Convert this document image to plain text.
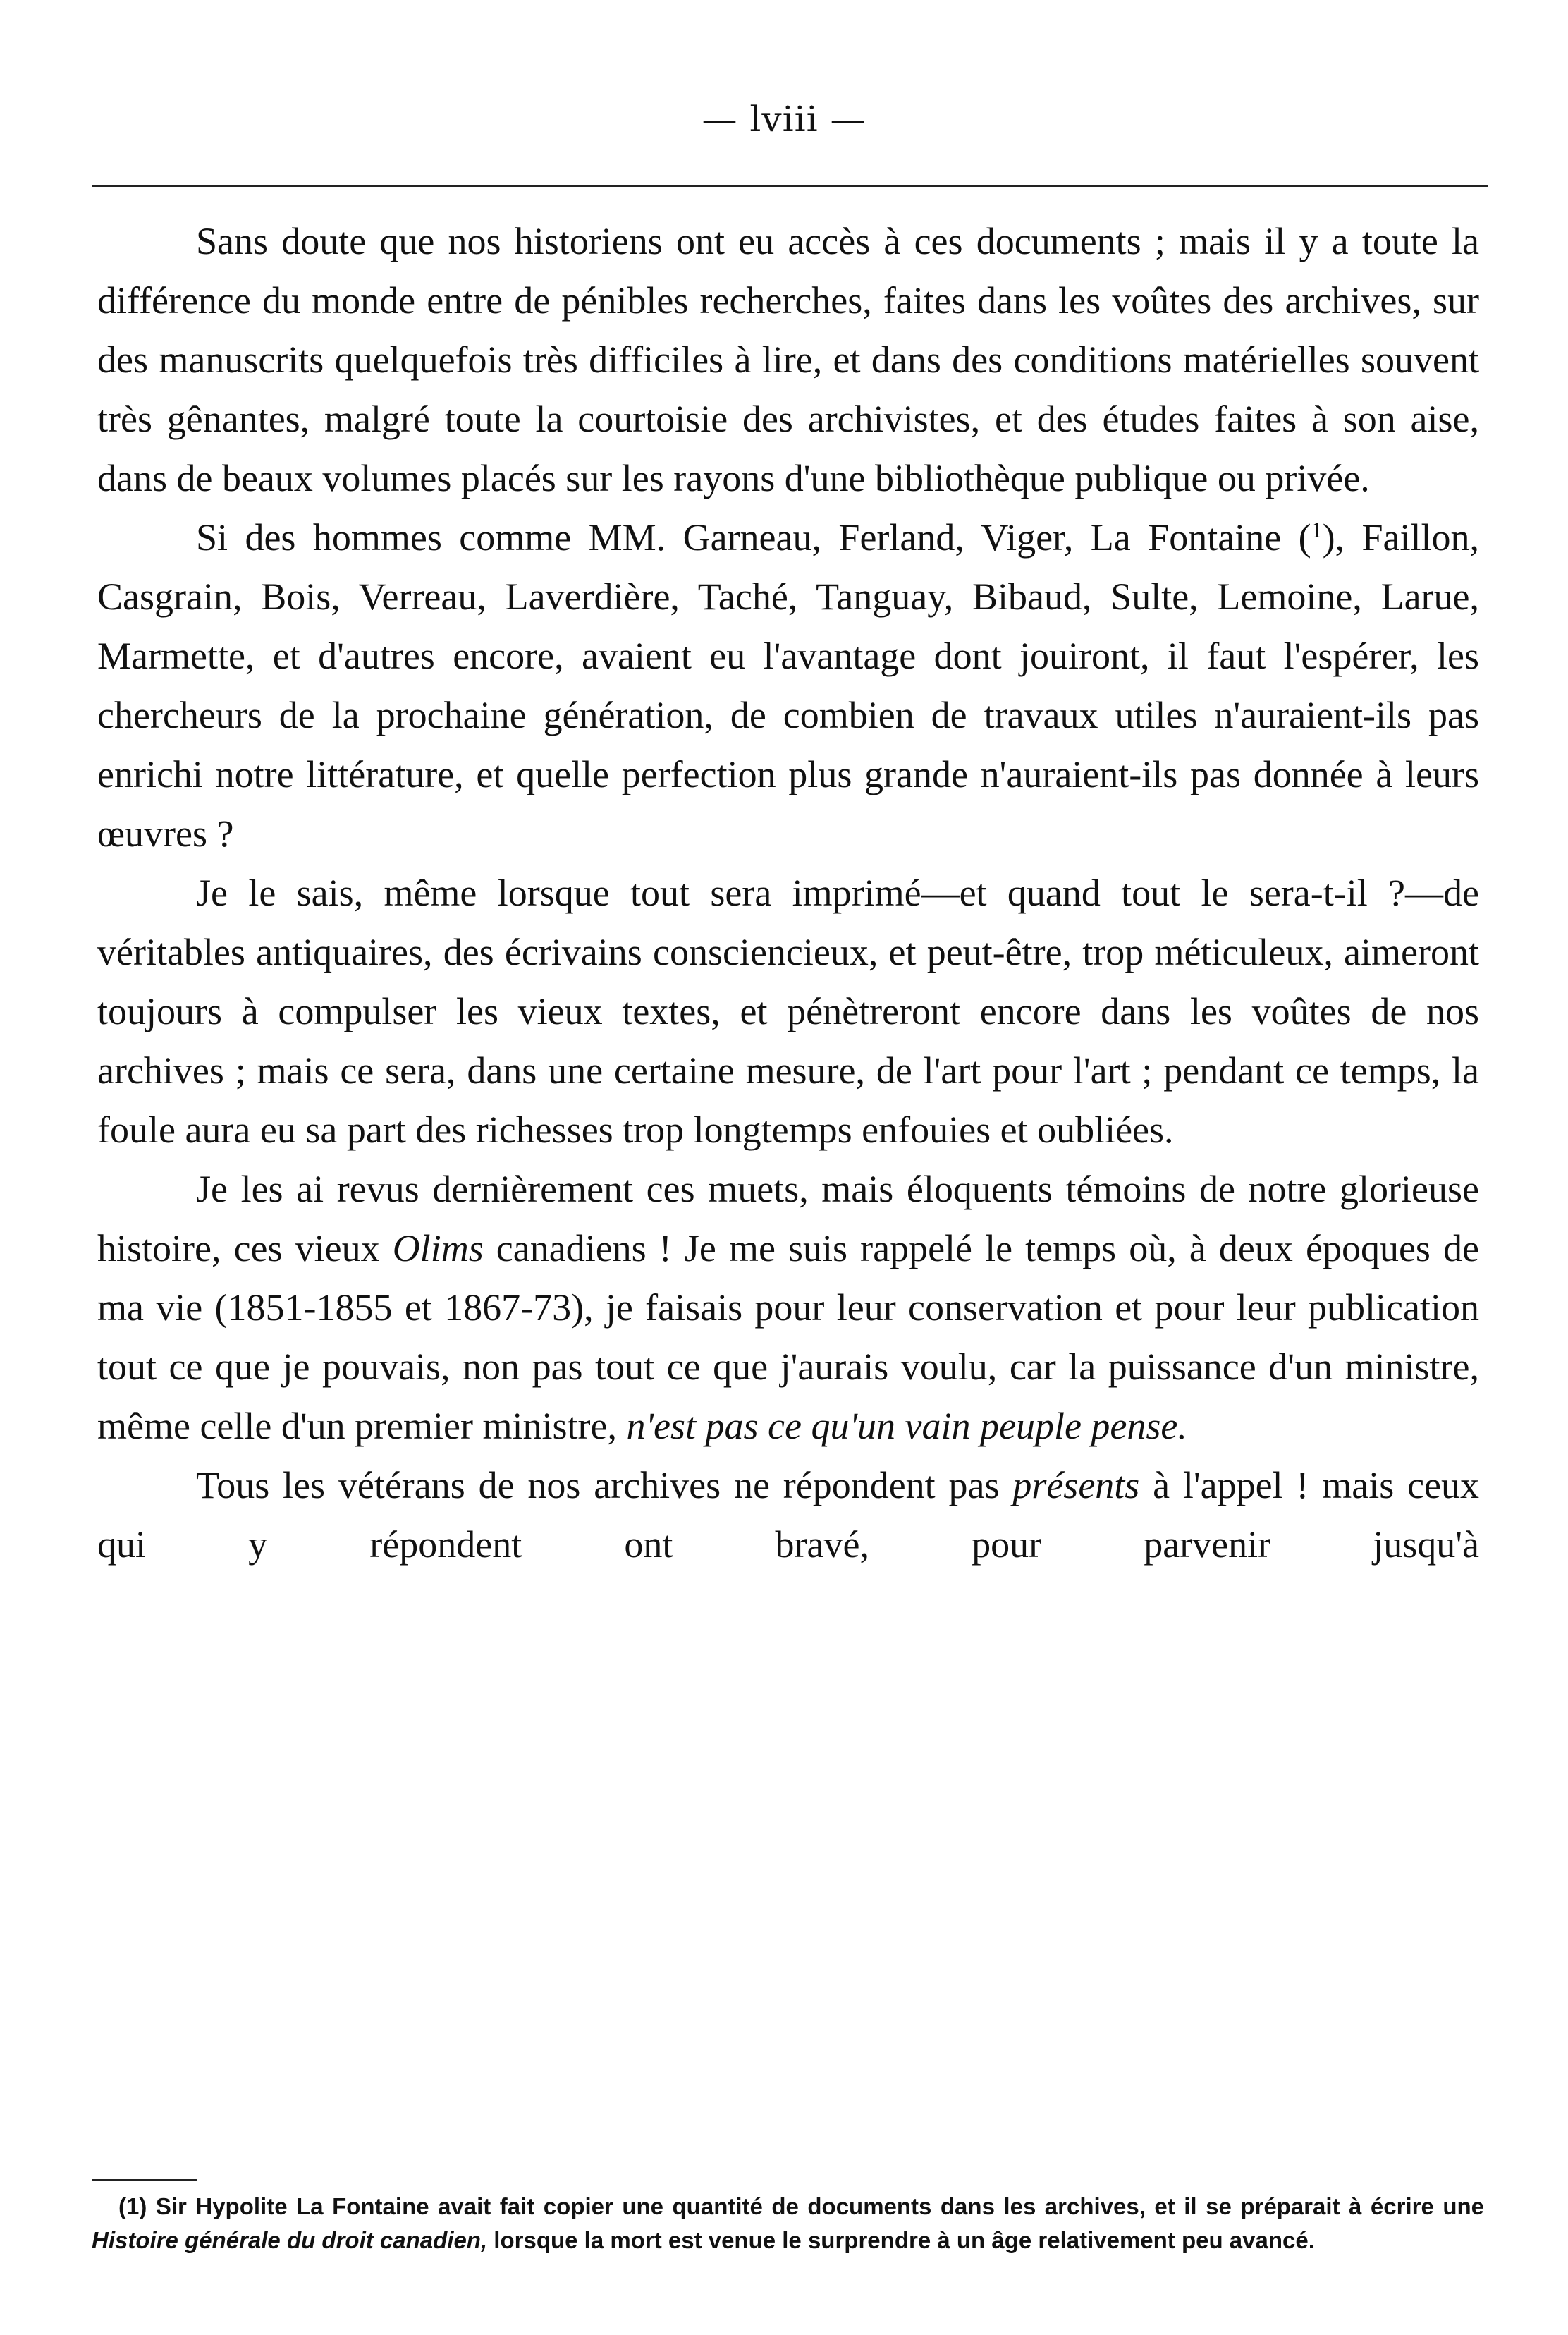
— lviii —

Sans doute que nos historiens ont eu accès à ces documents ; mais il y a toute la différence du monde entre de pénibles recherches, faites dans les voûtes des archives, sur des manuscrits quelquefois très difficiles à lire, et dans des conditions matérielles souvent très gênantes, malgré toute la courtoisie des archivistes, et des études faites à son aise, dans de beaux volumes placés sur les rayons d'une bibliothèque publique ou privée.

Si des hommes comme MM. Garneau, Ferland, Viger, La Fontaine ($^1$), Faillon, Casgrain, Bois, Verreau, Laverdière, Taché, Tanguay, Bibaud, Sulte, Lemoine, Larue, Marmette, et d'autres encore, avaient eu l'avantage dont jouiront, il faut l'espérer, les chercheurs de la prochaine génération, de combien de travaux utiles n'auraient-ils pas enrichi notre littérature, et quelle perfection plus grande n'auraient-ils pas donnée à leurs œuvres ?

Je le sais, même lorsque tout sera imprimé—et quand tout le sera-t-il ?—de véritables antiquaires, des écrivains consciencieux, et peut-être, trop méticuleux, aimeront toujours à compulser les vieux textes, et pénètreront encore dans les voûtes de nos archives ; mais ce sera, dans une certaine mesure, de l'art pour l'art ; pendant ce temps, la foule aura eu sa part des richesses trop longtemps enfouies et oubliées.

Je les ai revus dernièrement ces muets, mais éloquents témoins de notre glorieuse histoire, ces vieux Olims canadiens ! Je me suis rappelé le temps où, à deux époques de ma vie (1851-1855 et 1867-73), je faisais pour leur conservation et pour leur publication tout ce que je pouvais, non pas tout ce que j'aurais voulu, car la puissance d'un ministre, même celle d'un premier ministre, n'est pas ce qu'un vain peuple pense.

Tous les vétérans de nos archives ne répondent pas présents à l'appel ! mais ceux qui y répondent ont bravé, pour parvenir jusqu'à

(1) Sir Hypolite La Fontaine avait fait copier une quantité de documents dans les archives, et il se préparait à écrire une Histoire générale du droit canadien, lorsque la mort est venue le surprendre à un âge relativement peu avancé.
